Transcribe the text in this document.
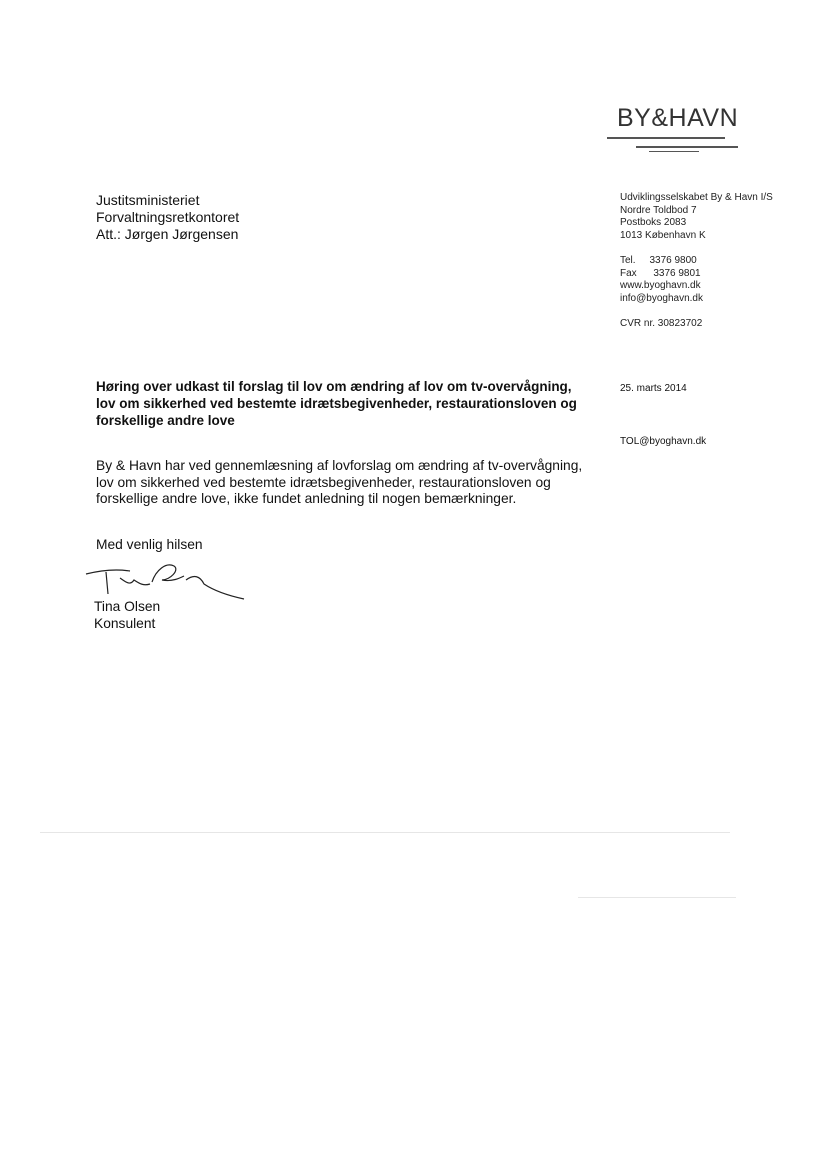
BY&HAVN
Justitsministeriet
Forvaltningsretkontoret
Att.: Jørgen Jørgensen
Udviklingsselskabet By & Havn I/S
Nordre Toldbod 7
Postboks 2083
1013 København K
Tel.     3376 9800
Fax      3376 9801
www.byoghavn.dk
info@byoghavn.dk
CVR nr. 30823702
Høring over udkast til forslag til lov om ændring af lov om tv-overvågning, lov om sikkerhed ved bestemte idrætsbegivenheder, restaurationsloven og forskellige andre love
25. marts 2014
TOL@byoghavn.dk
By & Havn har ved gennemlæsning af lovforslag om ændring af tv-overvågning, lov om sikkerhed ved bestemte idrætsbegivenheder, restaurationsloven og forskellige andre love, ikke fundet anledning til nogen bemærkninger.
Med venlig hilsen
Tina Olsen
Konsulent
